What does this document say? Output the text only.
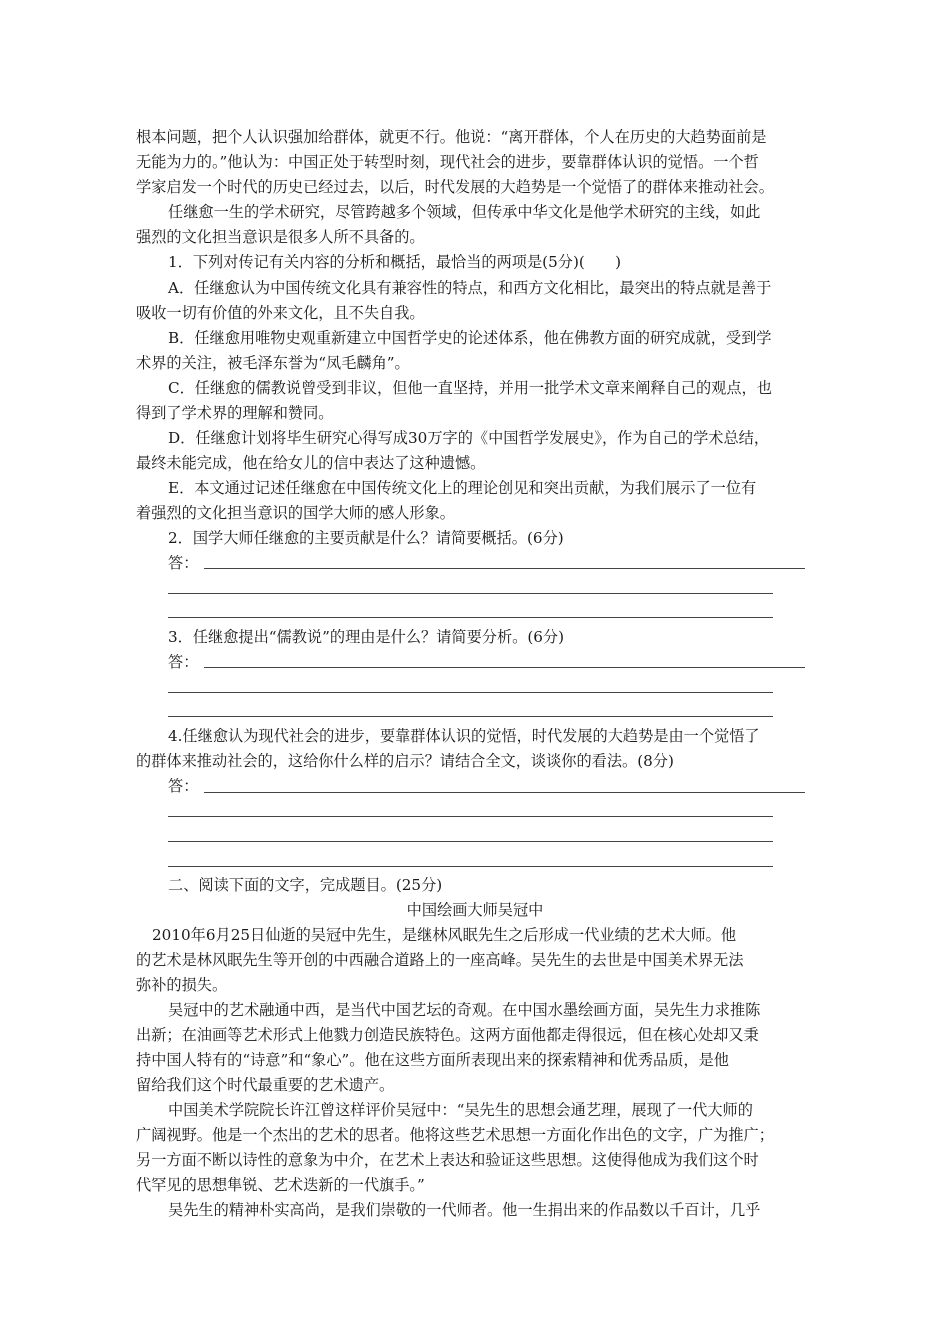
根本问题，把个人认识强加给群体，就更不行。他说：“离开群体，个人在历史的大趋势面前是
无能为力的。”他认为：中国正处于转型时刻，现代社会的进步，要靠群体认识的觉悟。一个哲
学家启发一个时代的历史已经过去，以后，时代发展的大趋势是一个觉悟了的群体来推动社会。
任继愈一生的学术研究，尽管跨越多个领域，但传承中华文化是他学术研究的主线，如此
强烈的文化担当意识是很多人所不具备的。
1．下列对传记有关内容的分析和概括，最恰当的两项是(5分)(　　)
A．任继愈认为中国传统文化具有兼容性的特点，和西方文化相比，最突出的特点就是善于
吸收一切有价值的外来文化，且不失自我。
B．任继愈用唯物史观重新建立中国哲学史的论述体系，他在佛教方面的研究成就，受到学
术界的关注，被毛泽东誉为“凤毛麟角”。
C．任继愈的儒教说曾受到非议，但他一直坚持，并用一批学术文章来阐释自己的观点，也
得到了学术界的理解和赞同。
D．任继愈计划将毕生研究心得写成30万字的《中国哲学发展史》，作为自己的学术总结，
最终未能完成，他在给女儿的信中表达了这种遗憾。
E．本文通过记述任继愈在中国传统文化上的理论创见和突出贡献，为我们展示了一位有
着强烈的文化担当意识的国学大师的感人形象。
2．国学大师任继愈的主要贡献是什么？请简要概括。(6分)
答：
3．任继愈提出“儒教说”的理由是什么？请简要分析。(6分)
答：
4.任继愈认为现代社会的进步，要靠群体认识的觉悟，时代发展的大趋势是由一个觉悟了
的群体来推动社会的，这给你什么样的启示？请结合全文，谈谈你的看法。(8分)
答：
二、阅读下面的文字，完成题目。(25分)
中国绘画大师吴冠中
2010年6月25日仙逝的吴冠中先生，是继林风眠先生之后形成一代业绩的艺术大师。他
的艺术是林风眠先生等开创的中西融合道路上的一座高峰。吴先生的去世是中国美术界无法
弥补的损失。
吴冠中的艺术融通中西，是当代中国艺坛的奇观。在中国水墨绘画方面，吴先生力求推陈
出新；在油画等艺术形式上他戮力创造民族特色。这两方面他都走得很远，但在核心处却又秉
持中国人特有的“诗意”和“象心”。他在这些方面所表现出来的探索精神和优秀品质，是他
留给我们这个时代最重要的艺术遗产。
中国美术学院院长许江曾这样评价吴冠中：“吴先生的思想会通艺理，展现了一代大师的
广阔视野。他是一个杰出的艺术的思者。他将这些艺术思想一方面化作出色的文字，广为推广；
另一方面不断以诗性的意象为中介，在艺术上表达和验证这些思想。这使得他成为我们这个时
代罕见的思想隼锐、艺术迭新的一代旗手。”
吴先生的精神朴实高尚，是我们崇敬的一代师者。他一生捐出来的作品数以千百计，几乎
